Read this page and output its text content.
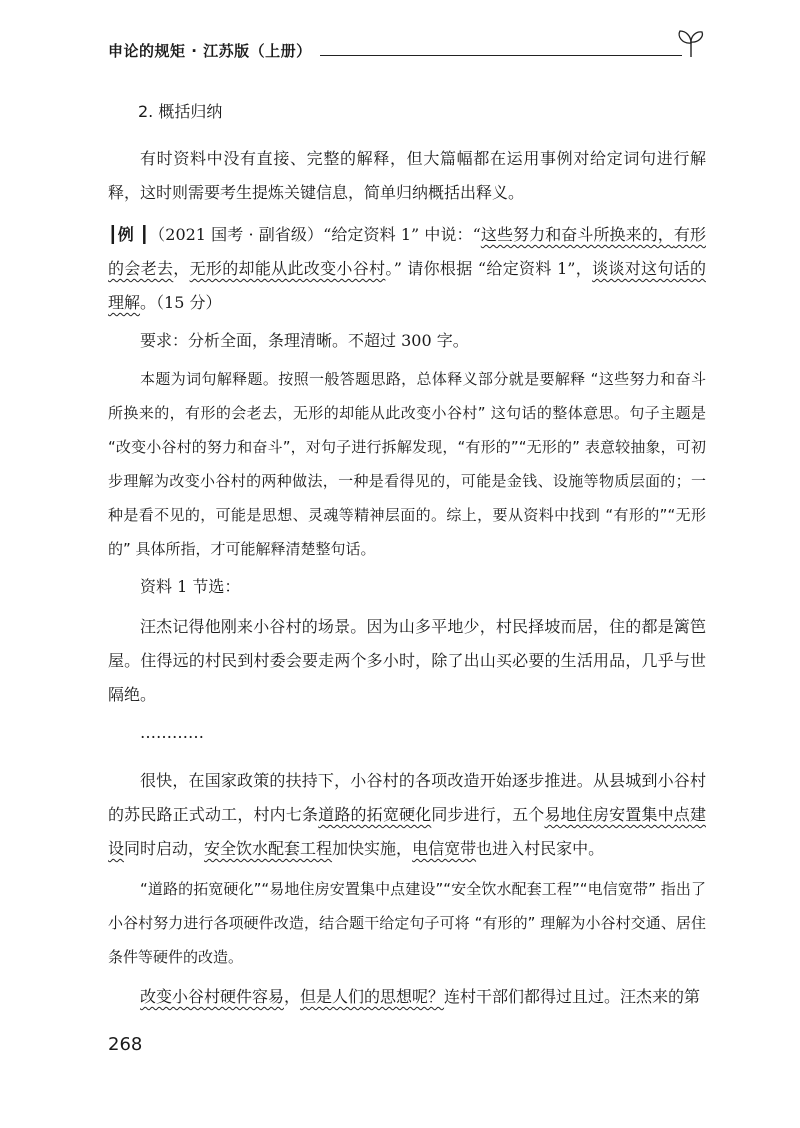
申论的规矩 · 江苏版（上册）
2. 概括归纳

有时资料中没有直接、完整的解释，但大篇幅都在运用事例对给定词句进行解释，这时则需要考生提炼关键信息，简单归纳概括出释义。

┃例 ┃（2021 国考 · 副省级）“给定资料 1” 中说：“这些努力和奋斗所换来的，有形的会老去，无形的却能从此改变小谷村。” 请你根据 “给定资料 1”，谈谈对这句话的理解。（15 分）

要求：分析全面，条理清晰。不超过 300 字。

本题为词句解释题。按照一般答题思路，总体释义部分就是要解释 “这些努力和奋斗所换来的，有形的会老去，无形的却能从此改变小谷村” 这句话的整体意思。句子主题是 “改变小谷村的努力和奋斗”，对句子进行拆解发现，“有形的”“无形的” 表意较抽象，可初步理解为改变小谷村的两种做法，一种是看得见的，可能是金钱、设施等物质层面的；一种是看不见的，可能是思想、灵魂等精神层面的。综上，要从资料中找到 “有形的”“无形的” 具体所指，才可能解释清楚整句话。

资料 1 节选：

汪杰记得他刚来小谷村的场景。因为山多平地少，村民择坡而居，住的都是篱笆屋。住得远的村民到村委会要走两个多小时，除了出山买必要的生活用品，几乎与世隔绝。

…………

很快，在国家政策的扶持下，小谷村的各项改造开始逐步推进。从县城到小谷村的苏民路正式动工，村内七条道路的拓宽硬化同步进行，五个易地住房安置集中点建设同时启动，安全饮水配套工程加快实施，电信宽带也进入村民家中。

“道路的拓宽硬化”“易地住房安置集中点建设”“安全饮水配套工程”“电信宽带” 指出了小谷村努力进行各项硬件改造，结合题干给定句子可将 “有形的” 理解为小谷村交通、居住条件等硬件的改造。

改变小谷村硬件容易，但是人们的思想呢？连村干部们都得过且过。汪杰来的第

268
